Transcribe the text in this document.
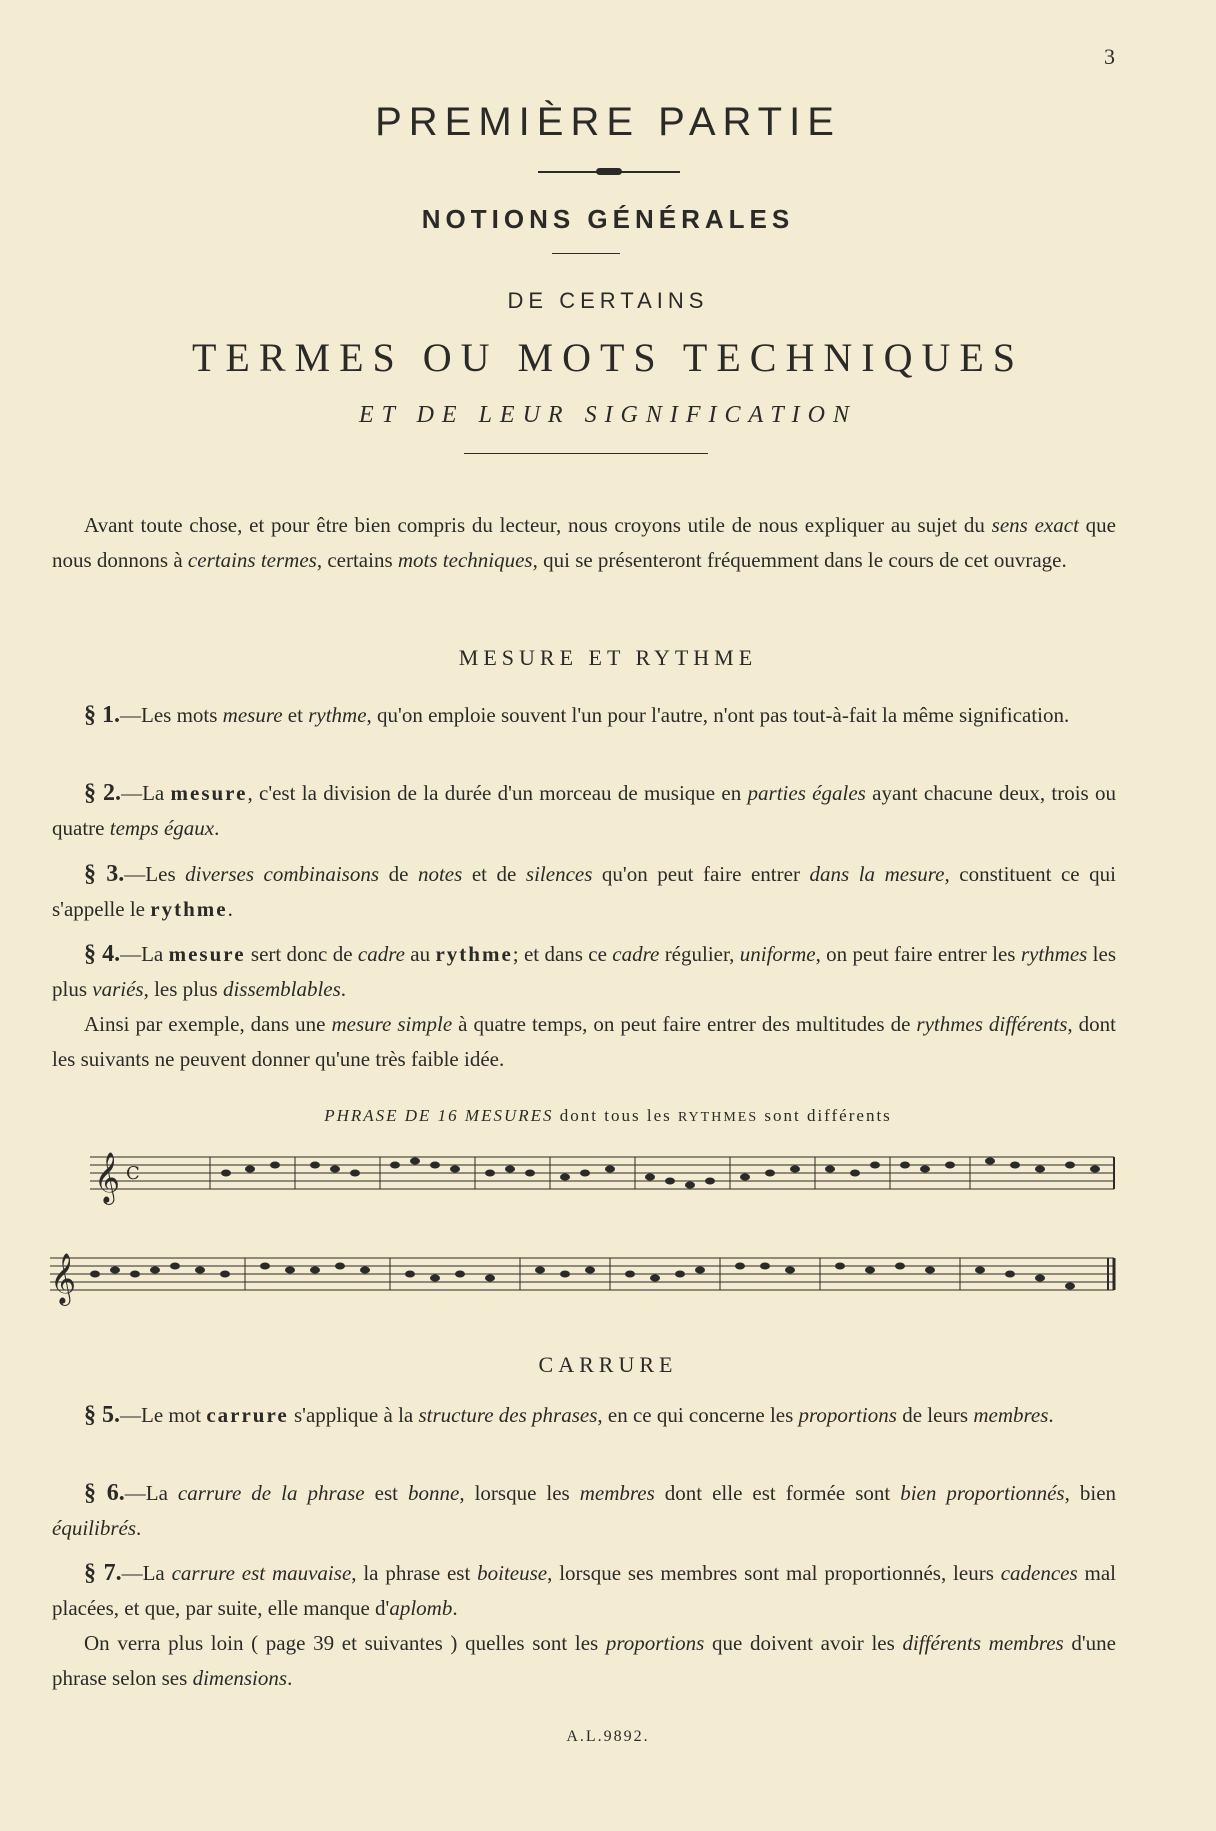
3
PREMIÈRE PARTIE
NOTIONS GÉNÉRALES
DE CERTAINS
TERMES OU MOTS TECHNIQUES
ET DE LEUR SIGNIFICATION

Avant toute chose, et pour être bien compris du lecteur, nous croyons utile de nous expliquer au sujet du sens exact que nous donnons à certains termes, certains mots techniques, qui se présenteront fréquemment dans le cours de cet ouvrage.

MESURE ET RYTHME

§ 1.—Les mots mesure et rythme, qu'on emploie souvent l'un pour l'autre, n'ont pas tout-à-fait la même signification.

§ 2.—La mesure, c'est la division de la durée d'un morceau de musique en parties égales ayant chacune deux, trois ou quatre temps égaux.

§ 3.—Les diverses combinaisons de notes et de silences qu'on peut faire entrer dans la mesure, constituent ce qui s'appelle le rythme.

§ 4.—La mesure sert donc de cadre au rythme; et dans ce cadre régulier, uniforme, on peut faire entrer les rythmes les plus variés, les plus dissemblables.

Ainsi par exemple, dans une mesure simple à quatre temps, on peut faire entrer des multitudes de rythmes différents, dont les suivants ne peuvent donner qu'une très faible idée.

PHRASE DE 16 MESURES dont tous les RYTHMES sont différents
𝄞 C
𝄞
CARRURE

§ 5.—Le mot carrure s'applique à la structure des phrases, en ce qui concerne les proportions de leurs membres.

§ 6.—La carrure de la phrase est bonne, lorsque les membres dont elle est formée sont bien proportionnés, bien équilibrés.

§ 7.—La carrure est mauvaise, la phrase est boiteuse, lorsque ses membres sont mal proportionnés, leurs cadences mal placées, et que, par suite, elle manque d'aplomb.

On verra plus loin ( page 39 et suivantes ) quelles sont les proportions que doivent avoir les différents membres d'une phrase selon ses dimensions.

A.L.9892.
